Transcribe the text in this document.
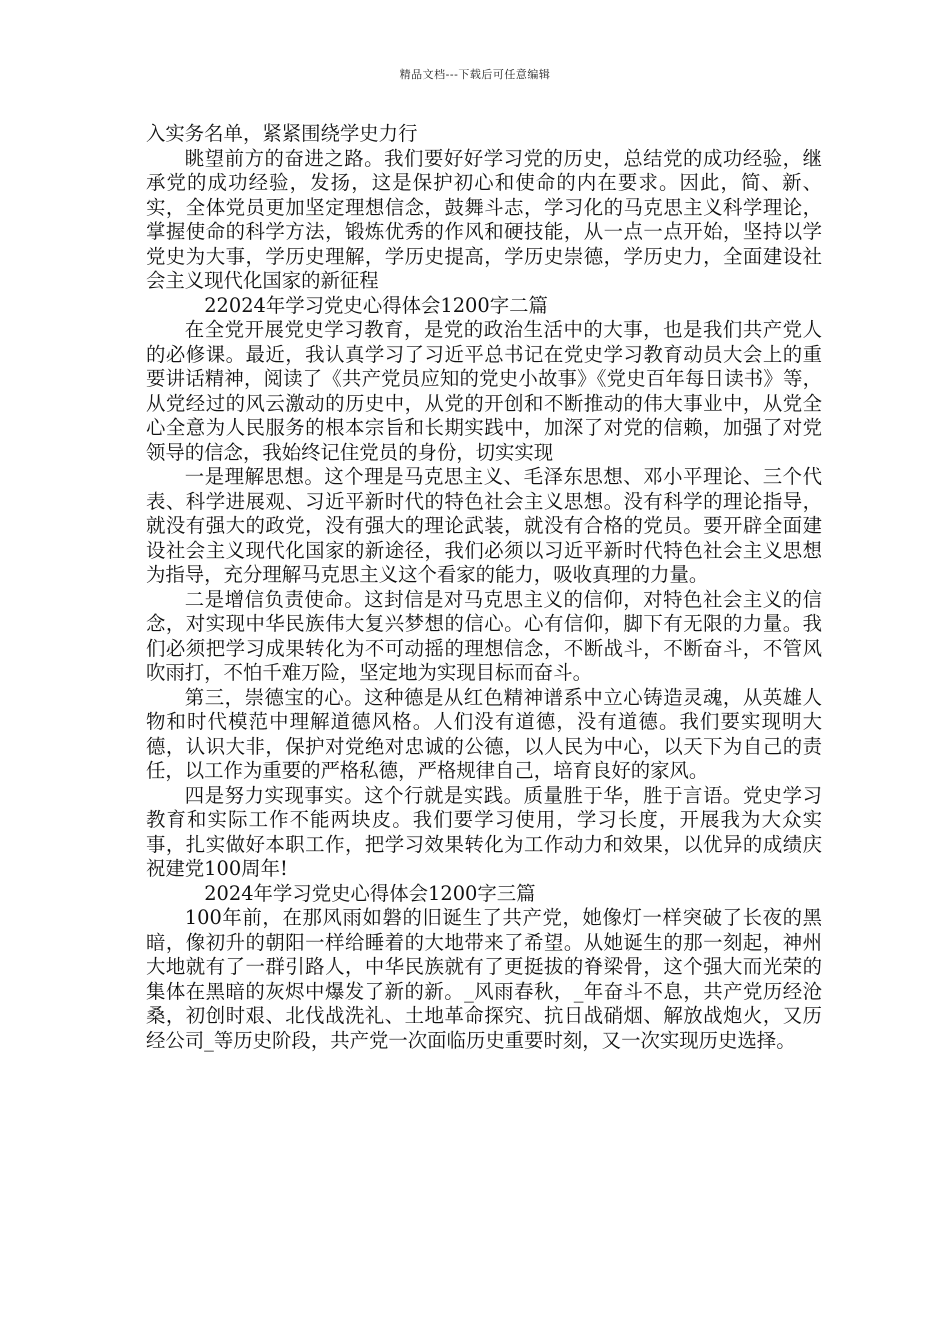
精品文档---下载后可任意编辑

入实务名单，紧紧围绕学史力行

眺望前方的奋进之路。我们要好好学习党的历史，总结党的成功经验，继承党的成功经验，发扬，这是保护初心和使命的内在要求。因此，简、新、实，全体党员更加坚定理想信念，鼓舞斗志，学习化的马克思主义科学理论，掌握使命的科学方法，锻炼优秀的作风和硬技能，从一点一点开始，坚持以学党史为大事，学历史理解，学历史提高，学历史崇德，学历史力，全面建设社会主义现代化国家的新征程

22024年学习党史心得体会1200字二篇

在全党开展党史学习教育，是党的政治生活中的大事，也是我们共产党人的必修课。最近，我认真学习了习近平总书记在党史学习教育动员大会上的重要讲话精神，阅读了《共产党员应知的党史小故事》《党史百年每日读书》等，从党经过的风云激动的历史中，从党的开创和不断推动的伟大事业中，从党全心全意为人民服务的根本宗旨和长期实践中，加深了对党的信赖，加强了对党领导的信念，我始终记住党员的身份，切实实现

一是理解思想。这个理是马克思主义、毛泽东思想、邓小平理论、三个代表、科学进展观、习近平新时代的特色社会主义思想。没有科学的理论指导，就没有强大的政党，没有强大的理论武装，就没有合格的党员。要开辟全面建设社会主义现代化国家的新途径，我们必须以习近平新时代特色社会主义思想为指导，充分理解马克思主义这个看家的能力，吸收真理的力量。

二是增信负责使命。这封信是对马克思主义的信仰，对特色社会主义的信念，对实现中华民族伟大复兴梦想的信心。心有信仰，脚下有无限的力量。我们必须把学习成果转化为不可动摇的理想信念，不断战斗，不断奋斗，不管风吹雨打，不怕千难万险，坚定地为实现目标而奋斗。

第三，崇德宝的心。这种德是从红色精神谱系中立心铸造灵魂，从英雄人物和时代模范中理解道德风格。人们没有道德，没有道德。我们要实现明大德，认识大非，保护对党绝对忠诚的公德，以人民为中心，以天下为自己的责任，以工作为重要的严格私德，严格规律自己，培育良好的家风。

四是努力实现事实。这个行就是实践。质量胜于华，胜于言语。党史学习教育和实际工作不能两块皮。我们要学习使用，学习长度，开展我为大众实事，扎实做好本职工作，把学习效果转化为工作动力和效果，以优异的成绩庆祝建党100周年!

2024年学习党史心得体会1200字三篇

100年前，在那风雨如磐的旧诞生了共产党，她像灯一样突破了长夜的黑暗，像初升的朝阳一样给睡着的大地带来了希望。从她诞生的那一刻起，神州大地就有了一群引路人，中华民族就有了更挺拔的脊梁骨，这个强大而光荣的集体在黑暗的灰烬中爆发了新的新。_风雨春秋，_年奋斗不息，共产党历经沧桑，初创时艰、北伐战洗礼、土地革命探究、抗日战硝烟、解放战炮火，又历经公司_等历史阶段，共产党一次面临历史重要时刻，又一次实现历史选择。
